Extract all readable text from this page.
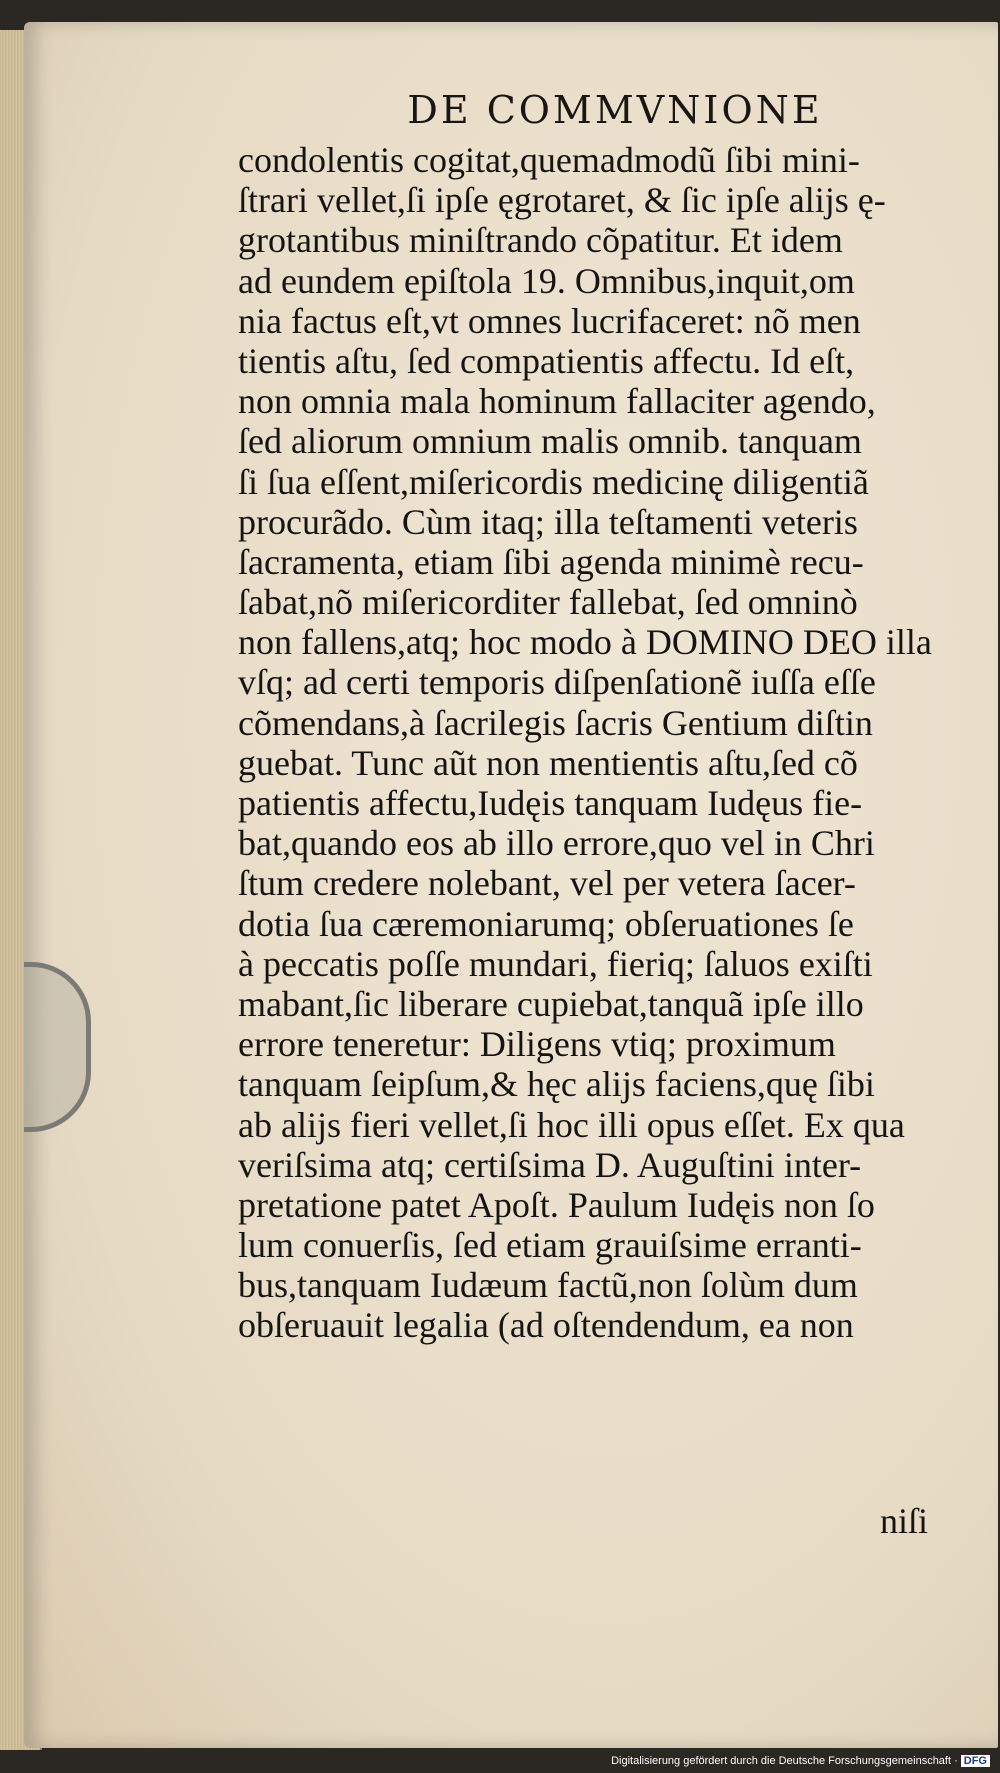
DE COMMVNIONE
condolentis cogitat,quemadmodũ ſibi mini-
ſtrari vellet,ſi ipſe ęgrotaret, & ſic ipſe alijs ę-
grotantibus miniſtrando cõpatitur. Et idem
ad eundem epiſtola 19. Omnibus,inquit,om
nia factus eſt,vt omnes lucrifaceret: nõ men
tientis aſtu, ſed compatientis affectu. Id eſt,
non omnia mala hominum fallaciter agendo,
ſed aliorum omnium malis omnib. tanquam
ſi ſua eſſent,miſericordis medicinę diligentiã
procurãdo. Cùm itaq; illa teſtamenti veteris
ſacramenta, etiam ſibi agenda minimè recu-
ſabat,nõ miſericorditer fallebat, ſed omninò
non fallens,atq; hoc modo à DOMINO DEO illa
vſq; ad certi temporis diſpenſationẽ iuſſa eſſe
cõmendans,à ſacrilegis ſacris Gentium diſtin
guebat. Tunc aũt non mentientis aſtu,ſed cõ
patientis affectu,Iudęis tanquam Iudęus fie-
bat,quando eos ab illo errore,quo vel in Chri
ſtum credere nolebant, vel per vetera ſacer-
dotia ſua cæremoniarumq; obſeruationes ſe
à peccatis poſſe mundari, fieriq; ſaluos exiſti
mabant,ſic liberare cupiebat,tanquã ipſe illo
errore teneretur: Diligens vtiq; proximum
tanquam ſeipſum,& hęc alijs faciens,quę ſibi
ab alijs fieri vellet,ſi hoc illi opus eſſet. Ex qua
veriſsima atq; certiſsima D. Auguſtini inter-
pretatione patet Apoſt. Paulum Iudęis non ſo
lum conuerſis, ſed etiam grauiſsime erranti-
bus,tanquam Iudæum factũ,non ſolùm dum
obſeruauit legalia (ad oſtendendum, ea non
niſi
Digitalisierung gefördert durch die Deutsche Forschungsgemeinschaft · DFG
